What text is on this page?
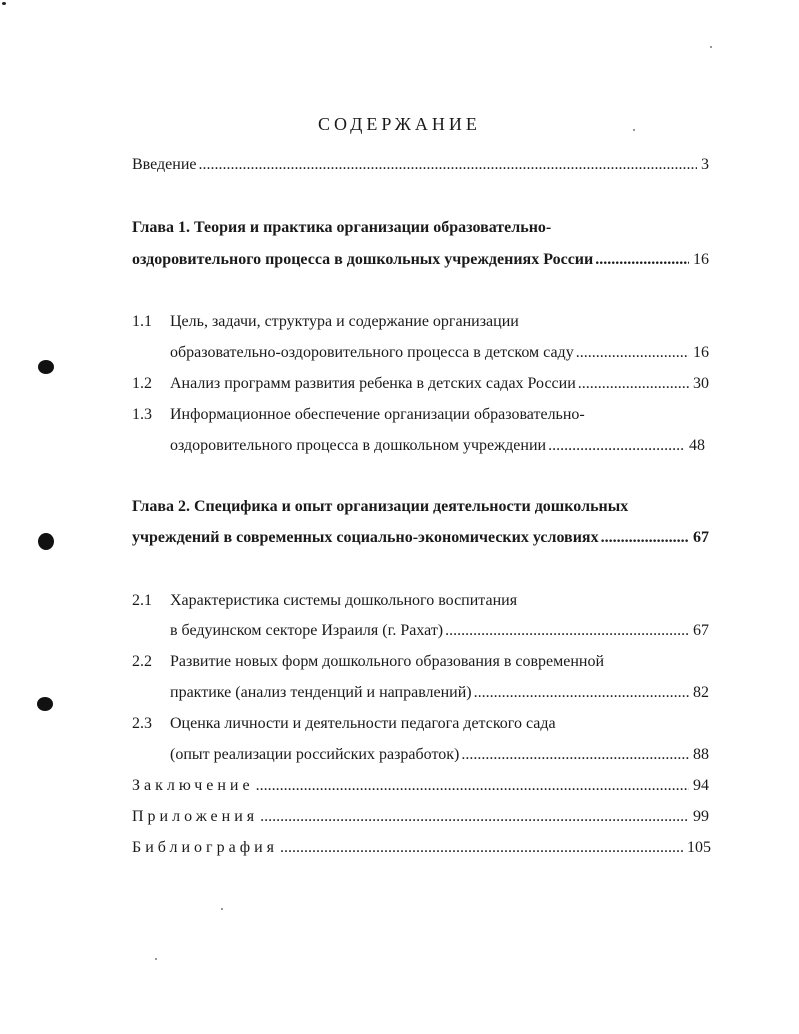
СОДЕРЖАНИЕ
Введение .....	3
Глава 1. Теория и практика организации образовательно-
оздоровительного процесса в дошкольных учреждениях России .....	16
1.1 Цель, задачи, структура и содержание организации
образовательно-оздоровительного процесса в детском саду .....	16
1.2 Анализ программ развития ребенка в детских садах России .....	30
1.3 Информационное обеспечение организации образовательно-
оздоровительного процесса в дошкольном учреждении .....	48
Глава 2. Специфика и опыт организации деятельности дошкольных
учреждений в современных социально-экономических условиях .....	67
2.1 Характеристика системы дошкольного воспитания
в бедуинском секторе Израиля (г. Рахат) .....	67
2.2 Развитие новых форм дошкольного образования в современной
практике (анализ тенденций и направлений) .....	82
2.3 Оценка личности и деятельности педагога детского сада
(опыт реализации российских разработок) .....	88
Заключение .....	94
Приложения .....	99
Библиография .....	105
